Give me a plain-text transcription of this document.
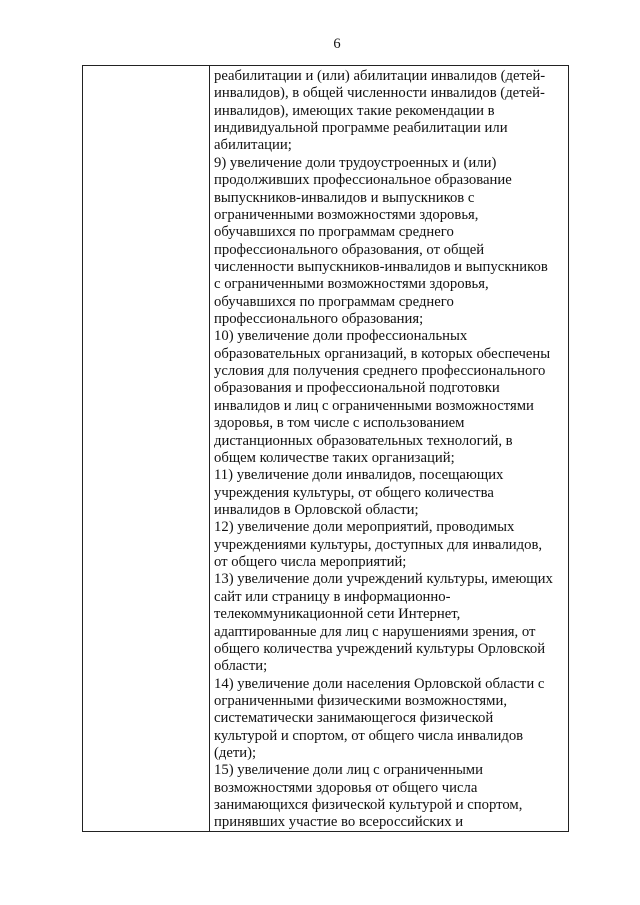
6
реабилитации и (или) абилитации инвалидов (детей-
инвалидов), в общей численности инвалидов (детей-
инвалидов), имеющих такие рекомендации в
индивидуальной программе реабилитации или
абилитации;
9) увеличение доли трудоустроенных и (или)
продолживших профессиональное образование
выпускников-инвалидов и выпускников с
ограниченными возможностями здоровья,
обучавшихся по программам среднего
профессионального образования, от общей
численности выпускников-инвалидов и выпускников
с ограниченными возможностями здоровья,
обучавшихся по программам среднего
профессионального образования;
10) увеличение доли профессиональных
образовательных организаций, в которых обеспечены
условия для получения среднего профессионального
образования и профессиональной подготовки
инвалидов и лиц с ограниченными возможностями
здоровья, в том числе с использованием
дистанционных образовательных технологий, в
общем количестве таких организаций;
11) увеличение доли инвалидов, посещающих
учреждения культуры, от общего количества
инвалидов в Орловской области;
12) увеличение доли мероприятий, проводимых
учреждениями культуры, доступных для инвалидов,
от общего числа мероприятий;
13) увеличение доли учреждений культуры, имеющих
сайт или страницу в информационно-
телекоммуникационной сети Интернет,
адаптированные для лиц с нарушениями зрения, от
общего количества учреждений культуры Орловской
области;
14) увеличение доли населения Орловской области с
ограниченными физическими возможностями,
систематически занимающегося физической
культурой и спортом, от общего числа инвалидов
(дети);
15) увеличение доли лиц с ограниченными
возможностями здоровья от общего числа
занимающихся физической культурой и спортом,
принявших участие во всероссийских и
